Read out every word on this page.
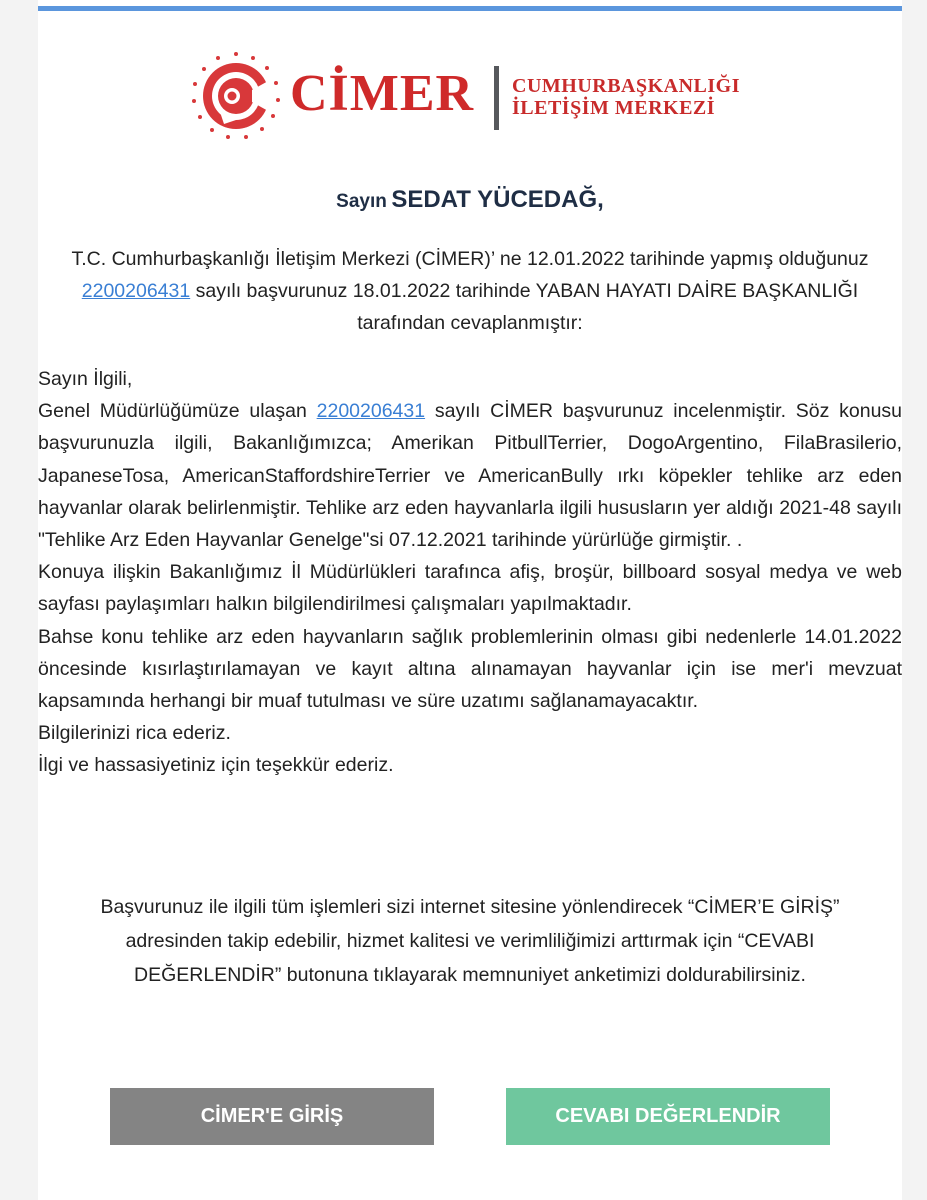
CİMER CUMHURBAŞKANLIĞI
İLETİŞİM MERKEZİ
Sayın SEDAT YÜCEDAĞ,
T.C. Cumhurbaşkanlığı İletişim Merkezi (CİMER)’ ne 12.01.2022 tarihinde yapmış olduğunuz 2200206431 sayılı başvurunuz 18.01.2022 tarihinde YABAN HAYATI DAİRE BAŞKANLIĞI tarafından cevaplanmıştır:

Sayın İlgili,

Genel Müdürlüğümüze ulaşan 2200206431 sayılı CİMER başvurunuz incelenmiştir. Söz konusu başvurunuzla ilgili, Bakanlığımızca; Amerikan PitbullTerrier, DogoArgentino, FilaBrasilerio, JapaneseTosa, AmericanStaffordshireTerrier ve AmericanBully ırkı köpekler tehlike arz eden hayvanlar olarak belirlenmiştir. Tehlike arz eden hayvanlarla ilgili hususların yer aldığı 2021-48 sayılı "Tehlike Arz Eden Hayvanlar Genelge"si 07.12.2021 tarihinde yürürlüğe girmiştir. .

Konuya ilişkin Bakanlığımız İl Müdürlükleri tarafınca afiş, broşür, billboard sosyal medya ve web sayfası paylaşımları halkın bilgilendirilmesi çalışmaları yapılmaktadır.

Bahse konu tehlike arz eden hayvanların sağlık problemlerinin olması gibi nedenlerle 14.01.2022 öncesinde kısırlaştırılamayan ve kayıt altına alınamayan hayvanlar için ise mer'i mevzuat kapsamında herhangi bir muaf tutulması ve süre uzatımı sağlanamayacaktır.

Bilgilerinizi rica ederiz.

İlgi ve hassasiyetiniz için teşekkür ederiz.

Başvurunuz ile ilgili tüm işlemleri sizi internet sitesine yönlendirecek “CİMER’E GİRİŞ” adresinden takip edebilir, hizmet kalitesi ve verimliliğimizi arttırmak için “CEVABI DEĞERLENDİR” butonuna tıklayarak memnuniyet anketimizi doldurabilirsiniz.
CİMER'E GİRİŞ	CEVABI DEĞERLENDİR
